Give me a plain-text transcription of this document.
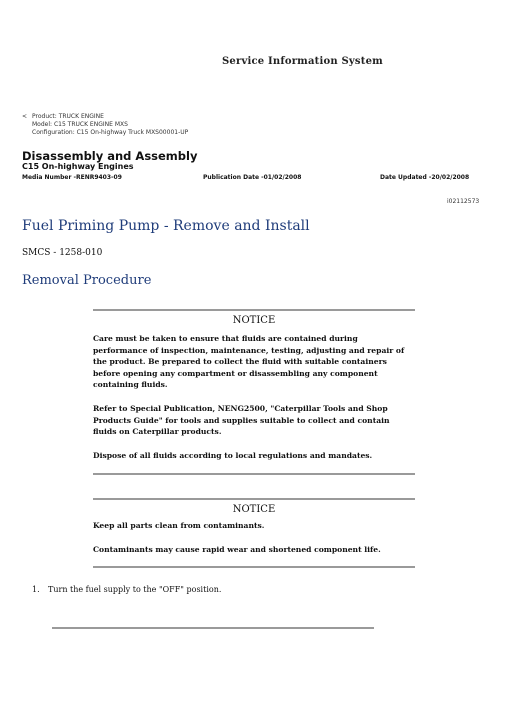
Service Information System
< Product: TRUCK ENGINE
Model: C15 TRUCK ENGINE MXS
Configuration: C15 On-highway Truck MXS00001-UP
Disassembly and Assembly
C15 On-highway Engines
Media Number -RENR9403-09	Publication Date -01/02/2008	Date Updated -20/02/2008
i02112573
Fuel Priming Pump - Remove and Install
SMCS - 1258-010
Removal Procedure
NOTICE

Care must be taken to ensure that fluids are contained during performance of inspection, maintenance, testing, adjusting and repair of the product. Be prepared to collect the fluid with suitable containers before opening any compartment or disassembling any component containing fluids.

Refer to Special Publication, NENG2500, "Caterpillar Tools and Shop Products Guide" for tools and supplies suitable to collect and contain fluids on Caterpillar products.

Dispose of all fluids according to local regulations and mandates.

NOTICE

Keep all parts clean from contaminants.

Contaminants may cause rapid wear and shortened component life.

1. Turn the fuel supply to the "OFF" position.
